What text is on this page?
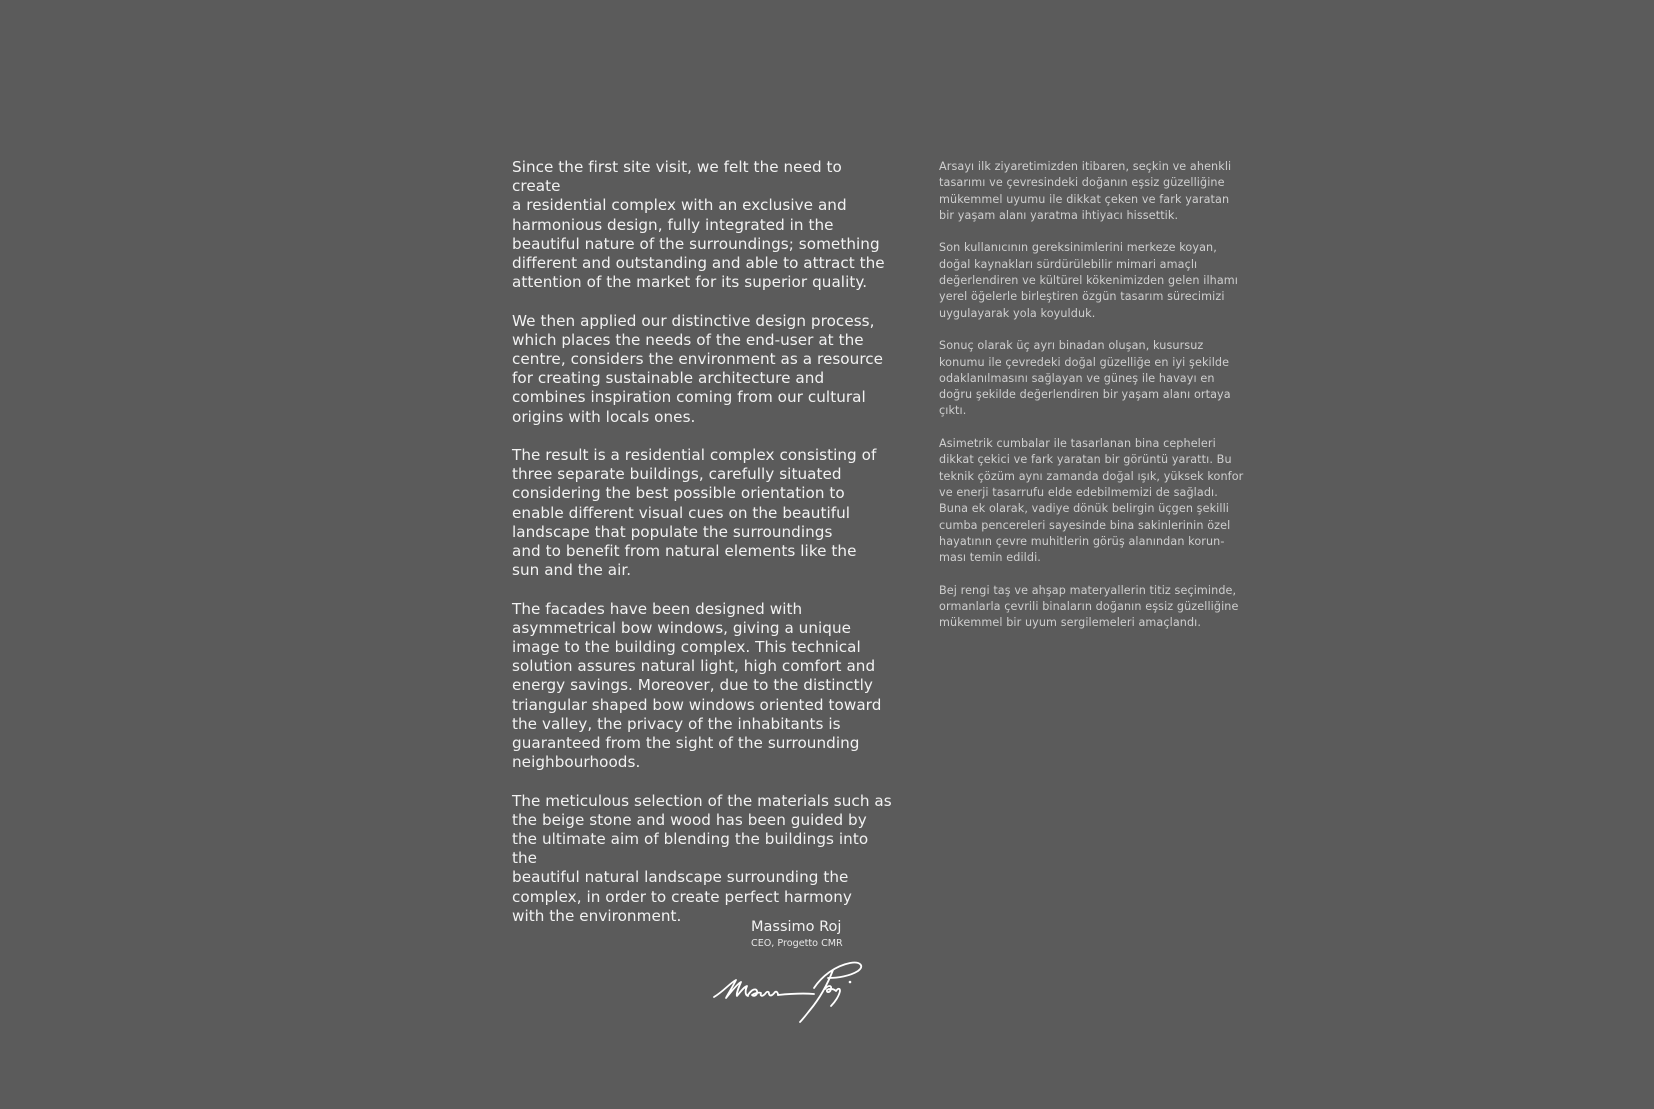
Since the first site visit, we felt the need to create
a residential complex with an exclusive and
harmonious design, fully integrated in the
beautiful nature of the surroundings; something
different and outstanding and able to attract the
attention of the market for its superior quality.

We then applied our distinctive design process,
which places the needs of the end-user at the
centre, considers the environment as a resource
for creating sustainable architecture and
combines inspiration coming from our cultural
origins with locals ones.

The result is a residential complex consisting of
three separate buildings, carefully situated
considering the best possible orientation to
enable different visual cues on the beautiful
landscape that populate the surroundings
and to benefit from natural elements like the
sun and the air.

The facades have been designed with
asymmetrical bow windows, giving a unique
image to the building complex. This technical
solution assures natural light, high comfort and
energy savings. Moreover, due to the distinctly
triangular shaped bow windows oriented toward
the valley, the privacy of the inhabitants is
guaranteed from the sight of the surrounding
neighbourhoods.

The meticulous selection of the materials such as
the beige stone and wood has been guided by
the ultimate aim of blending the buildings into the
beautiful natural landscape surrounding the
complex, in order to create perfect harmony
with the environment.

Arsayı ilk ziyaretimizden itibaren, seçkin ve ahenkli
tasarımı ve çevresindeki doğanın eşsiz güzelliğine
mükemmel uyumu ile dikkat çeken ve fark yaratan
bir yaşam alanı yaratma ihtiyacı hissettik.

Son kullanıcının gereksinimlerini merkeze koyan,
doğal kaynakları sürdürülebilir mimari amaçlı
değerlendiren ve kültürel kökenimizden gelen ilhamı
yerel öğelerle birleştiren özgün tasarım sürecimizi
uygulayarak yola koyulduk.

Sonuç olarak üç ayrı binadan oluşan, kusursuz
konumu ile çevredeki doğal güzelliğe en iyi şekilde
odaklanılmasını sağlayan ve güneş ile havayı en
doğru şekilde değerlendiren bir yaşam alanı ortaya
çıktı.

Asimetrik cumbalar ile tasarlanan bina cepheleri
dikkat çekici ve fark yaratan bir görüntü yarattı. Bu
teknik çözüm aynı zamanda doğal ışık, yüksek konfor
ve enerji tasarrufu elde edebilmemizi de sağladı.
Buna ek olarak, vadiye dönük belirgin üçgen şekilli
cumba pencereleri sayesinde bina sakinlerinin özel
hayatının çevre muhitlerin görüş alanından korun-
ması temin edildi.

Bej rengi taş ve ahşap materyallerin titiz seçiminde,
ormanlarla çevrili binaların doğanın eşsiz güzelliğine
mükemmel bir uyum sergilemeleri amaçlandı.

Massimo Roj
CEO, Progetto CMR
